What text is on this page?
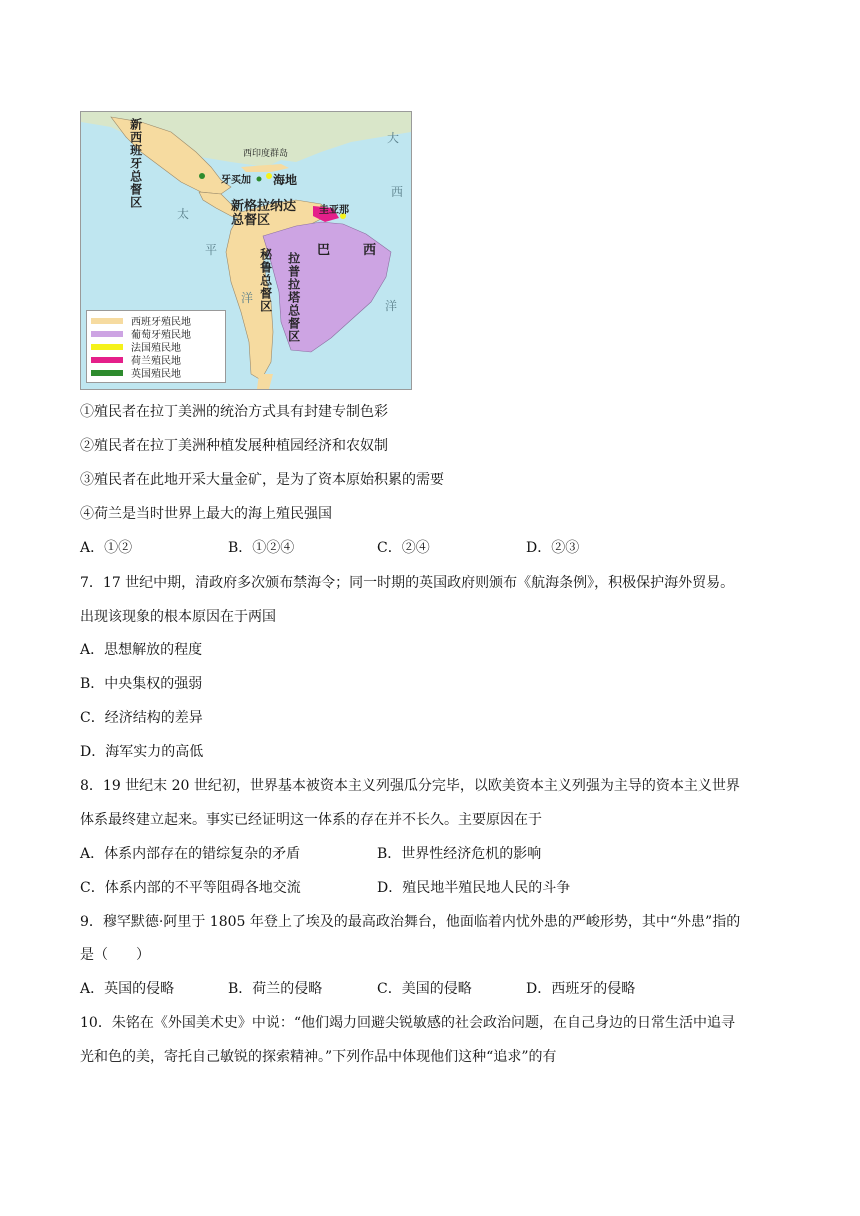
新西班牙总督区	西印度群岛
牙买加 海地
新格拉纳达总督区
圭亚那
巴	西
秘鲁总督区 拉普拉塔总督区
太
平
洋
大
西
洋
西班牙殖民地
葡萄牙殖民地
法国殖民地
荷兰殖民地
英国殖民地
①殖民者在拉丁美洲的统治方式具有封建专制色彩
②殖民者在拉丁美洲种植发展种植园经济和农奴制
③殖民者在此地开采大量金矿，是为了资本原始积累的需要
④荷兰是当时世界上最大的海上殖民强国
A．①②	B．①②④	C．②④	D．②③
7．17 世纪中期，清政府多次颁布禁海令；同一时期的英国政府则颁布《航海条例》，积极保护海外贸易。
出现该现象的根本原因在于两国
A．思想解放的程度
B．中央集权的强弱
C．经济结构的差异
D．海军实力的高低
8．19 世纪末 20 世纪初，世界基本被资本主义列强瓜分完毕，以欧美资本主义列强为主导的资本主义世界
体系最终建立起来。事实已经证明这一体系的存在并不长久。主要原因在于
A．体系内部存在的错综复杂的矛盾	B．世界性经济危机的影响
C．体系内部的不平等阻碍各地交流	D．殖民地半殖民地人民的斗争
9．穆罕默德·阿里于 1805 年登上了埃及的最高政治舞台，他面临着内忧外患的严峻形势，其中“外患”指的
是（　　）
A．英国的侵略	B．荷兰的侵略	C．美国的侵略	D．西班牙的侵略
10．朱铭在《外国美术史》中说：“他们竭力回避尖锐敏感的社会政治问题，在自己身边的日常生活中追寻
光和色的美，寄托自己敏锐的探索精神。”下列作品中体现他们这种“追求”的有
